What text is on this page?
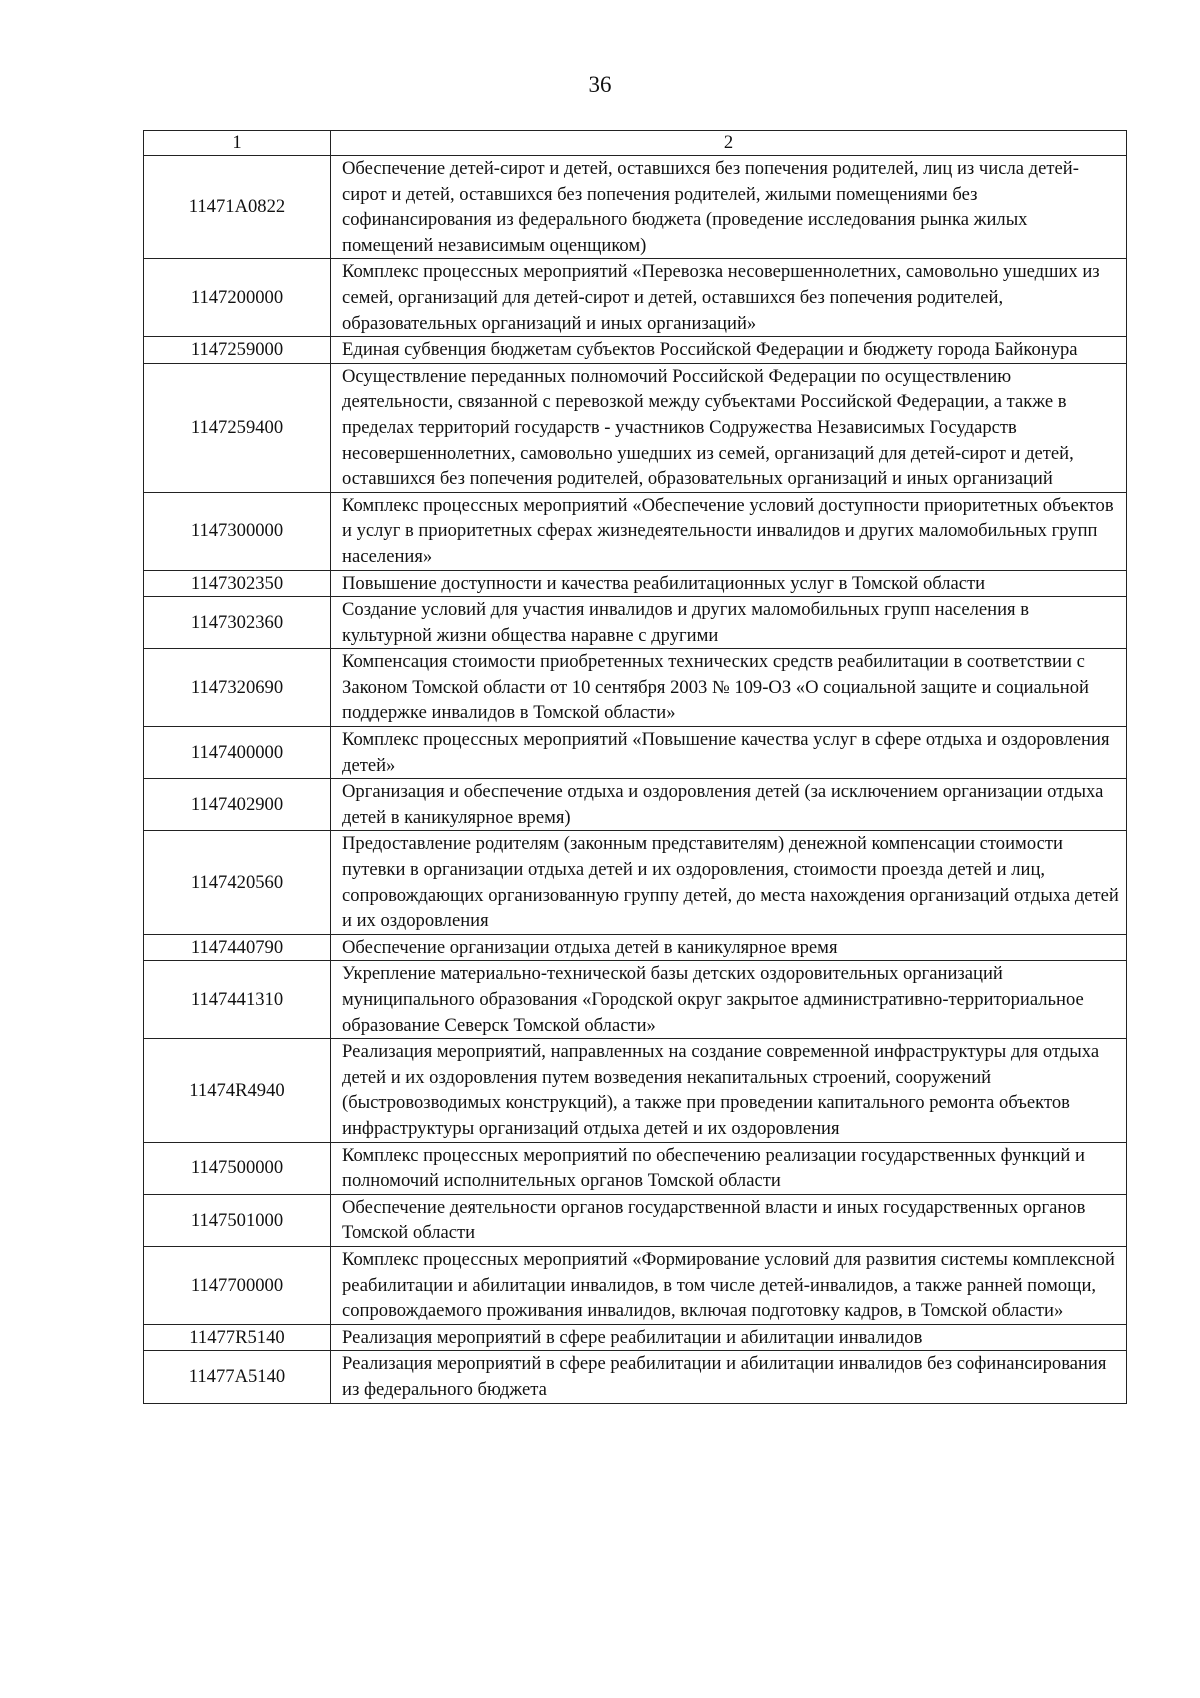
36
1	2
11471A0822	Обеспечение детей-сирот и детей, оставшихся без попечения родителей, лиц из числа детей-сирот и детей, оставшихся без попечения родителей, жилыми помещениями без софинансирования из федерального бюджета (проведение исследования рынка жилых помещений независимым оценщиком)
1147200000	Комплекс процессных мероприятий «Перевозка несовершеннолетних, самовольно ушедших из семей, организаций для детей-сирот и детей, оставшихся без попечения родителей, образовательных организаций и иных организаций»
1147259000	Единая субвенция бюджетам субъектов Российской Федерации и бюджету города Байконура
1147259400	Осуществление переданных полномочий Российской Федерации по осуществлению деятельности, связанной с перевозкой между субъектами Российской Федерации, а также в пределах территорий государств - участников Содружества Независимых Государств несовершеннолетних, самовольно ушедших из семей, организаций для детей-сирот и детей, оставшихся без попечения родителей, образовательных организаций и иных организаций
1147300000	Комплекс процессных мероприятий «Обеспечение условий доступности приоритетных объектов и услуг в приоритетных сферах жизнедеятельности инвалидов и других маломобильных групп населения»
1147302350	Повышение доступности и качества реабилитационных услуг в Томской области
1147302360	Создание условий для участия инвалидов и других маломобильных групп населения в культурной жизни общества наравне с другими
1147320690	Компенсация стоимости приобретенных технических средств реабилитации в соответствии с Законом Томской области от 10 сентября 2003 № 109-ОЗ «О социальной защите и социальной поддержке инвалидов в Томской области»
1147400000	Комплекс процессных мероприятий «Повышение качества услуг в сфере отдыха и оздоровления детей»
1147402900	Организация и обеспечение отдыха и оздоровления детей (за исключением организации отдыха детей в каникулярное время)
1147420560	Предоставление родителям (законным представителям) денежной компенсации стоимости путевки в организации отдыха детей и их оздоровления, стоимости проезда детей и лиц, сопровождающих организованную группу детей, до места нахождения организаций отдыха детей и их оздоровления
1147440790	Обеспечение организации отдыха детей в каникулярное время
1147441310	Укрепление материально-технической базы детских оздоровительных организаций муниципального образования «Городской округ закрытое административно-территориальное образование Северск Томской области»
11474R4940	Реализация мероприятий, направленных на создание современной инфраструктуры для отдыха детей и их оздоровления путем возведения некапитальных строений, сооружений (быстровозводимых конструкций), а также при проведении капитального ремонта объектов инфраструктуры организаций отдыха детей и их оздоровления
1147500000	Комплекс процессных мероприятий по обеспечению реализации государственных функций и полномочий исполнительных органов Томской области
1147501000	Обеспечение деятельности органов государственной власти и иных государственных органов Томской области
1147700000	Комплекс процессных мероприятий «Формирование условий для развития системы комплексной реабилитации и абилитации инвалидов, в том числе детей-инвалидов, а также ранней помощи, сопровождаемого проживания инвалидов, включая подготовку кадров, в Томской области»
11477R5140	Реализация мероприятий в сфере реабилитации и абилитации инвалидов
11477A5140	Реализация мероприятий в сфере реабилитации и абилитации инвалидов без софинансирования из федерального бюджета
